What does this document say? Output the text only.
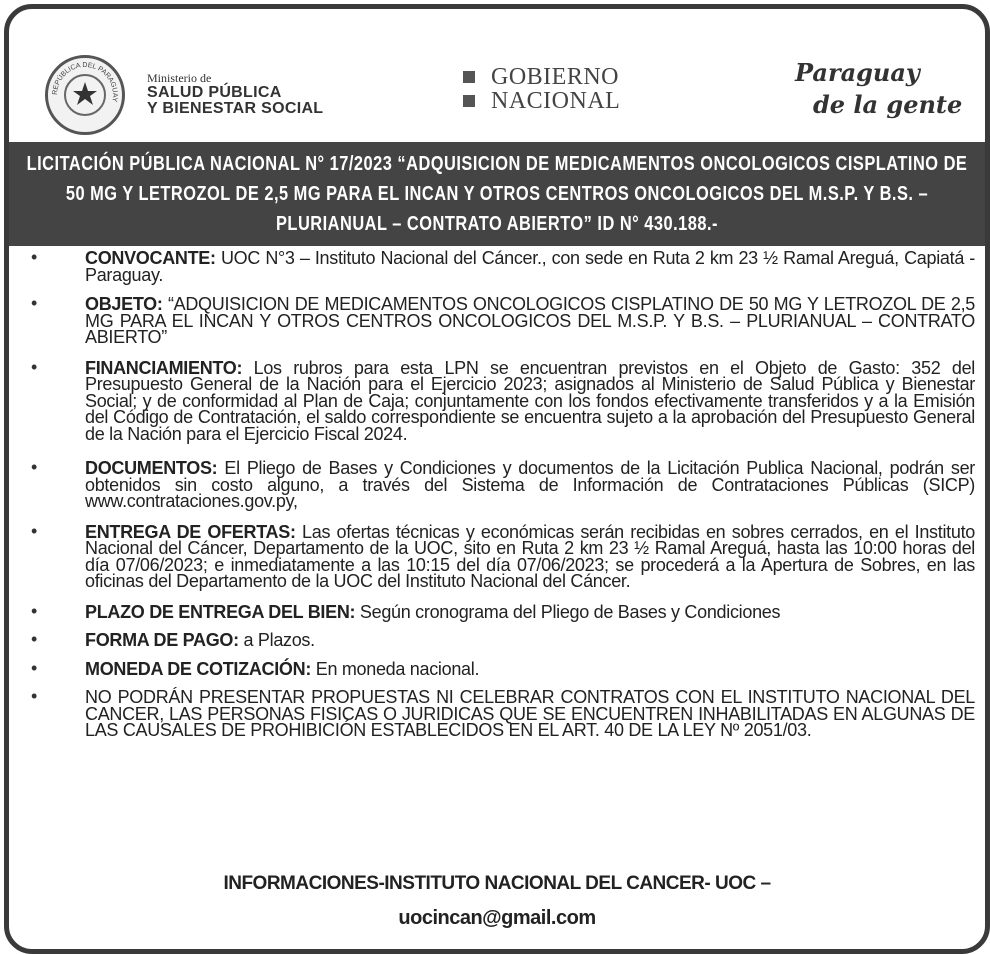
REPÚBLICA DEL PARAGUAY
Ministerio de
SALUD PÚBLICA
Y BIENESTAR SOCIAL
GOBIERNO
NACIONAL
Paraguay
de la gente
LICITACIÓN PÚBLICA NACIONAL N° 17/2023 “ADQUISICION DE MEDICAMENTOS ONCOLOGICOS CISPLATINO DE 50 MG Y LETROZOL DE 2,5 MG PARA EL INCAN Y OTROS CENTROS ONCOLOGICOS DEL M.S.P. Y B.S. – PLURIANUAL – CONTRATO ABIERTO” ID N° 430.188.-
•	CONVOCANTE: UOC N°3 – Instituto Nacional del Cáncer., con sede en Ruta 2 km 23 ½ Ramal Areguá, Capiatá - Paraguay.
•	OBJETO: “ADQUISICION DE MEDICAMENTOS ONCOLOGICOS CISPLATINO DE 50 MG Y LETROZOL DE 2,5 MG PARA EL INCAN Y OTROS CENTROS ONCOLOGICOS DEL M.S.P. Y B.S. – PLURIANUAL – CONTRATO ABIERTO”
•	FINANCIAMIENTO: Los rubros para esta LPN se encuentran previstos en el Objeto de Gasto: 352 del Presupuesto General de la Nación para el Ejercicio 2023; asignados al Ministerio de Salud Pública y Bienestar Social; y de conformidad al Plan de Caja; conjuntamente con los fondos efectivamente transferidos y a la Emisión del Código de Contratación, el saldo correspondiente se encuentra sujeto a la aprobación del Presupuesto General de la Nación para el Ejercicio Fiscal 2024.
•	DOCUMENTOS: El Pliego de Bases y Condiciones y documentos de la Licitación Publica Nacional, podrán ser obtenidos sin costo alguno, a través del Sistema de Información de Contrataciones Públicas (SICP) www.contrataciones.gov.py,
•	ENTREGA DE OFERTAS: Las ofertas técnicas y económicas serán recibidas en sobres cerrados, en el Instituto Nacional del Cáncer, Departamento de la UOC, sito en Ruta 2 km 23 ½ Ramal Areguá, hasta las 10:00 horas del día 07/06/2023; e inmediatamente a las 10:15 del día 07/06/2023; se procederá a la Apertura de Sobres, en las oficinas del Departamento de la UOC del Instituto Nacional del Cáncer.
•	PLAZO DE ENTREGA DEL BIEN: Según cronograma del Pliego de Bases y Condiciones
•	FORMA DE PAGO: a Plazos.
•	MONEDA DE COTIZACIÓN: En moneda nacional.
•	NO PODRÁN PRESENTAR PROPUESTAS NI CELEBRAR CONTRATOS CON EL INSTITUTO NACIONAL DEL CANCER, LAS PERSONAS FISICAS O JURIDICAS QUE SE ENCUENTREN INHABILITADAS EN ALGUNAS DE LAS CAUSALES DE PROHIBICIÓN ESTABLECIDOS EN EL ART. 40 DE LA LEY Nº 2051/03.
INFORMACIONES-INSTITUTO NACIONAL DEL CANCER- UOC –
uocincan@gmail.com
